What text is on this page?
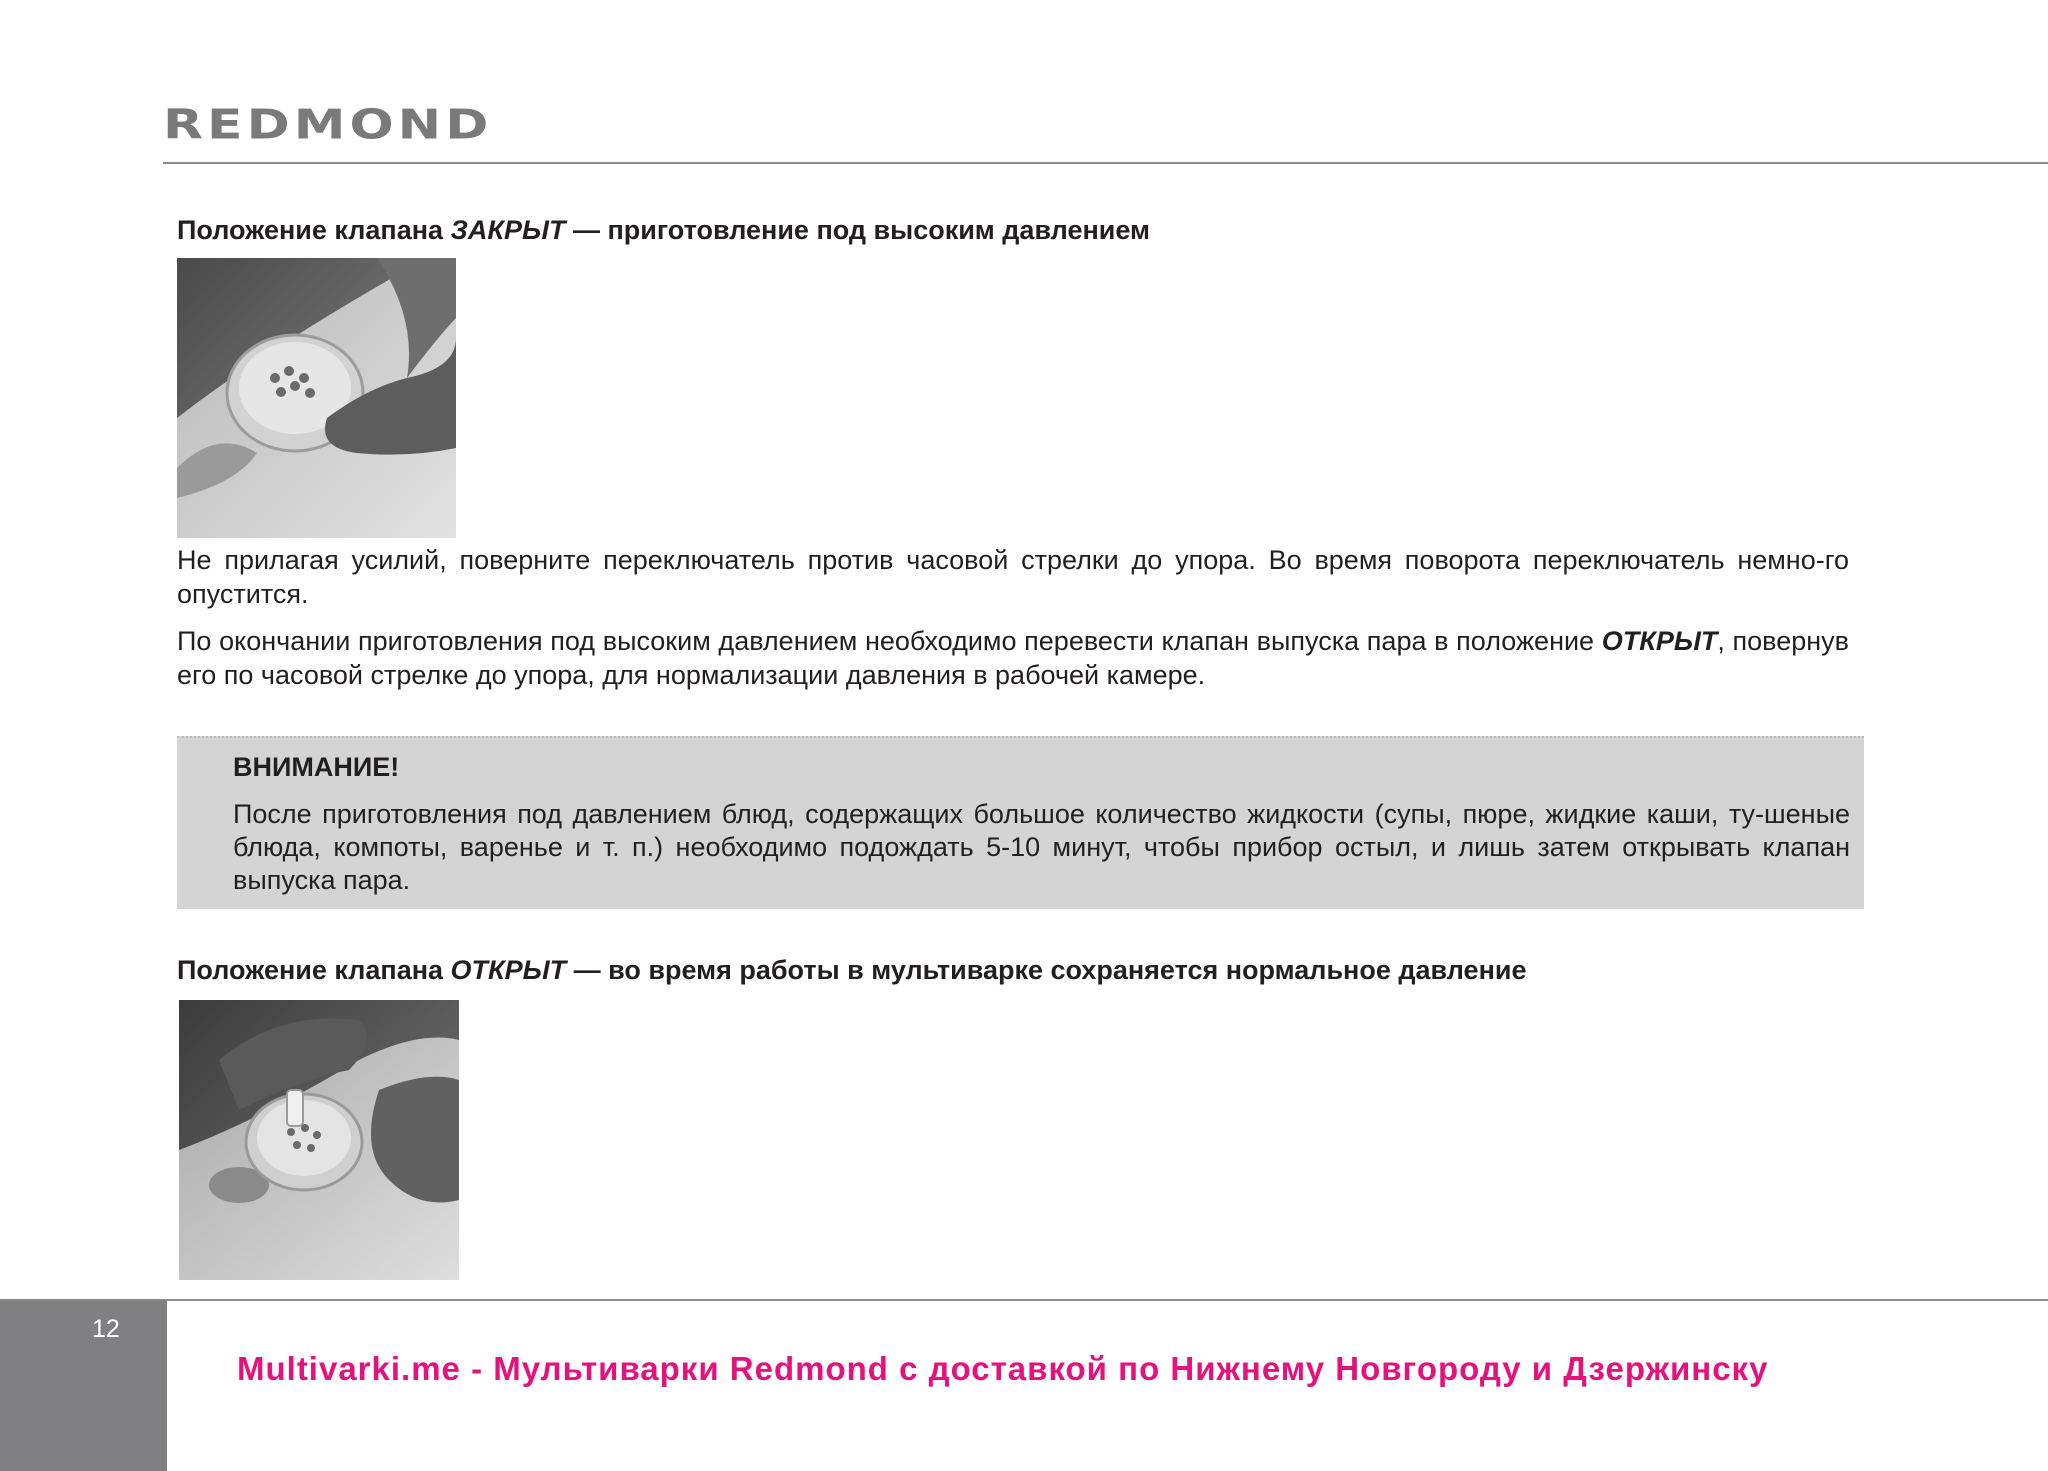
REDMOND
Положение клапана ЗАКРЫТ — приготовление под высоким давлением

Не прилагая усилий, поверните переключатель против часовой стрелки до упора. Во время поворота переключатель немно-го опустится.

По окончании приготовления под высоким давлением необходимо перевести клапан выпуска пара в положение ОТКРЫТ, повернув его по часовой стрелке до упора, для нормализации давления в рабочей камере.

ВНИМАНИЕ!

После приготовления под давлением блюд, содержащих большое количество жидкости (супы, пюре, жидкие каши, ту-шеные блюда, компоты, варенье и т. п.) необходимо подождать 5-10 минут, чтобы прибор остыл, и лишь затем открывать клапан выпуска пара.

Положение клапана ОТКРЫТ — во время работы в мультиварке сохраняется нормальное давление
12
Multivarki.me - Мультиварки Redmond с доставкой по Нижнему Новгороду и Дзержинску
